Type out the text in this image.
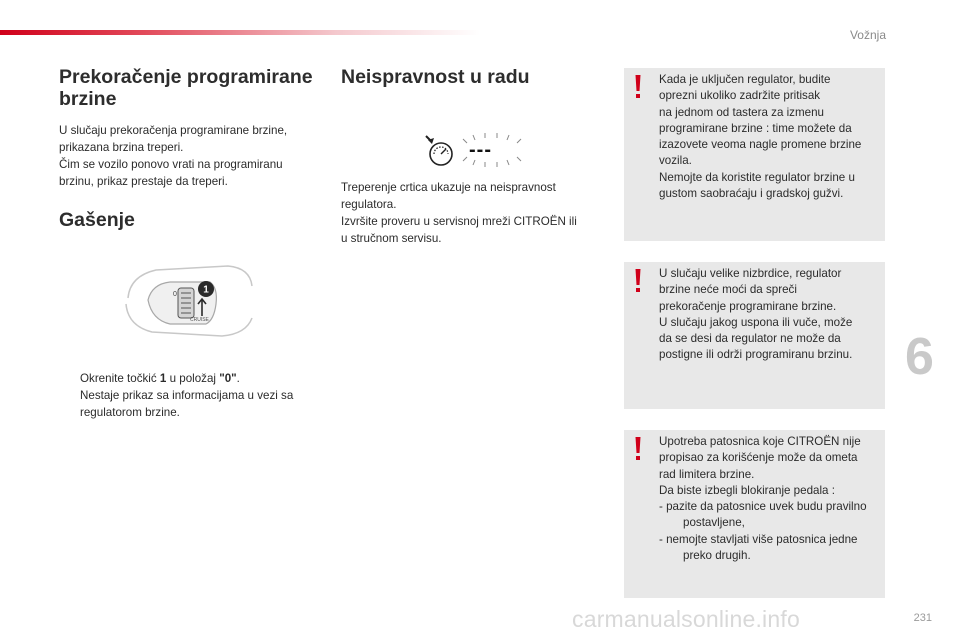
Vožnja
Prekoračenje programirane brzine
U slučaju prekoračenja programirane brzine,
prikazana brzina treperi.
Čim se vozilo ponovo vrati na programiranu
brzinu, prikaz prestaje da treperi.
Gašenje
0
CRUISE
1
Okrenite točkić 1 u položaj "0".
Nestaje prikaz sa informacijama u vezi sa
regulatorom brzine.
Neispravnost u radu
---
Treperenje crtica ukazuje na neispravnost
regulatora.
Izvršite proveru u servisnoj mreži CITROËN ili
u stručnom servisu.
Kada je uključen regulator, budite
oprezni ukoliko zadržite pritisak
na jednom od tastera za izmenu
programirane brzine : time možete da
izazovete veoma nagle promene brzine
vozila.
Nemojte da koristite regulator brzine u
gustom saobraćaju i gradskoj gužvi.
U slučaju velike nizbrdice, regulator
brzine neće moći da spreči
prekoračenje programirane brzine.
U slučaju jakog uspona ili vuče, može
da se desi da regulator ne može da
postigne ili održi programiranu brzinu.
Upotreba patosnica koje CITROËN nije
propisao za korišćenje može da ometa
rad limitera brzine.
Da biste izbegli blokiranje pedala :
- pazite da patosnice uvek budu pravilno postavljene,
- nemojte stavljati više patosnica jedne preko drugih.
6
carmanualsonline.info	231
